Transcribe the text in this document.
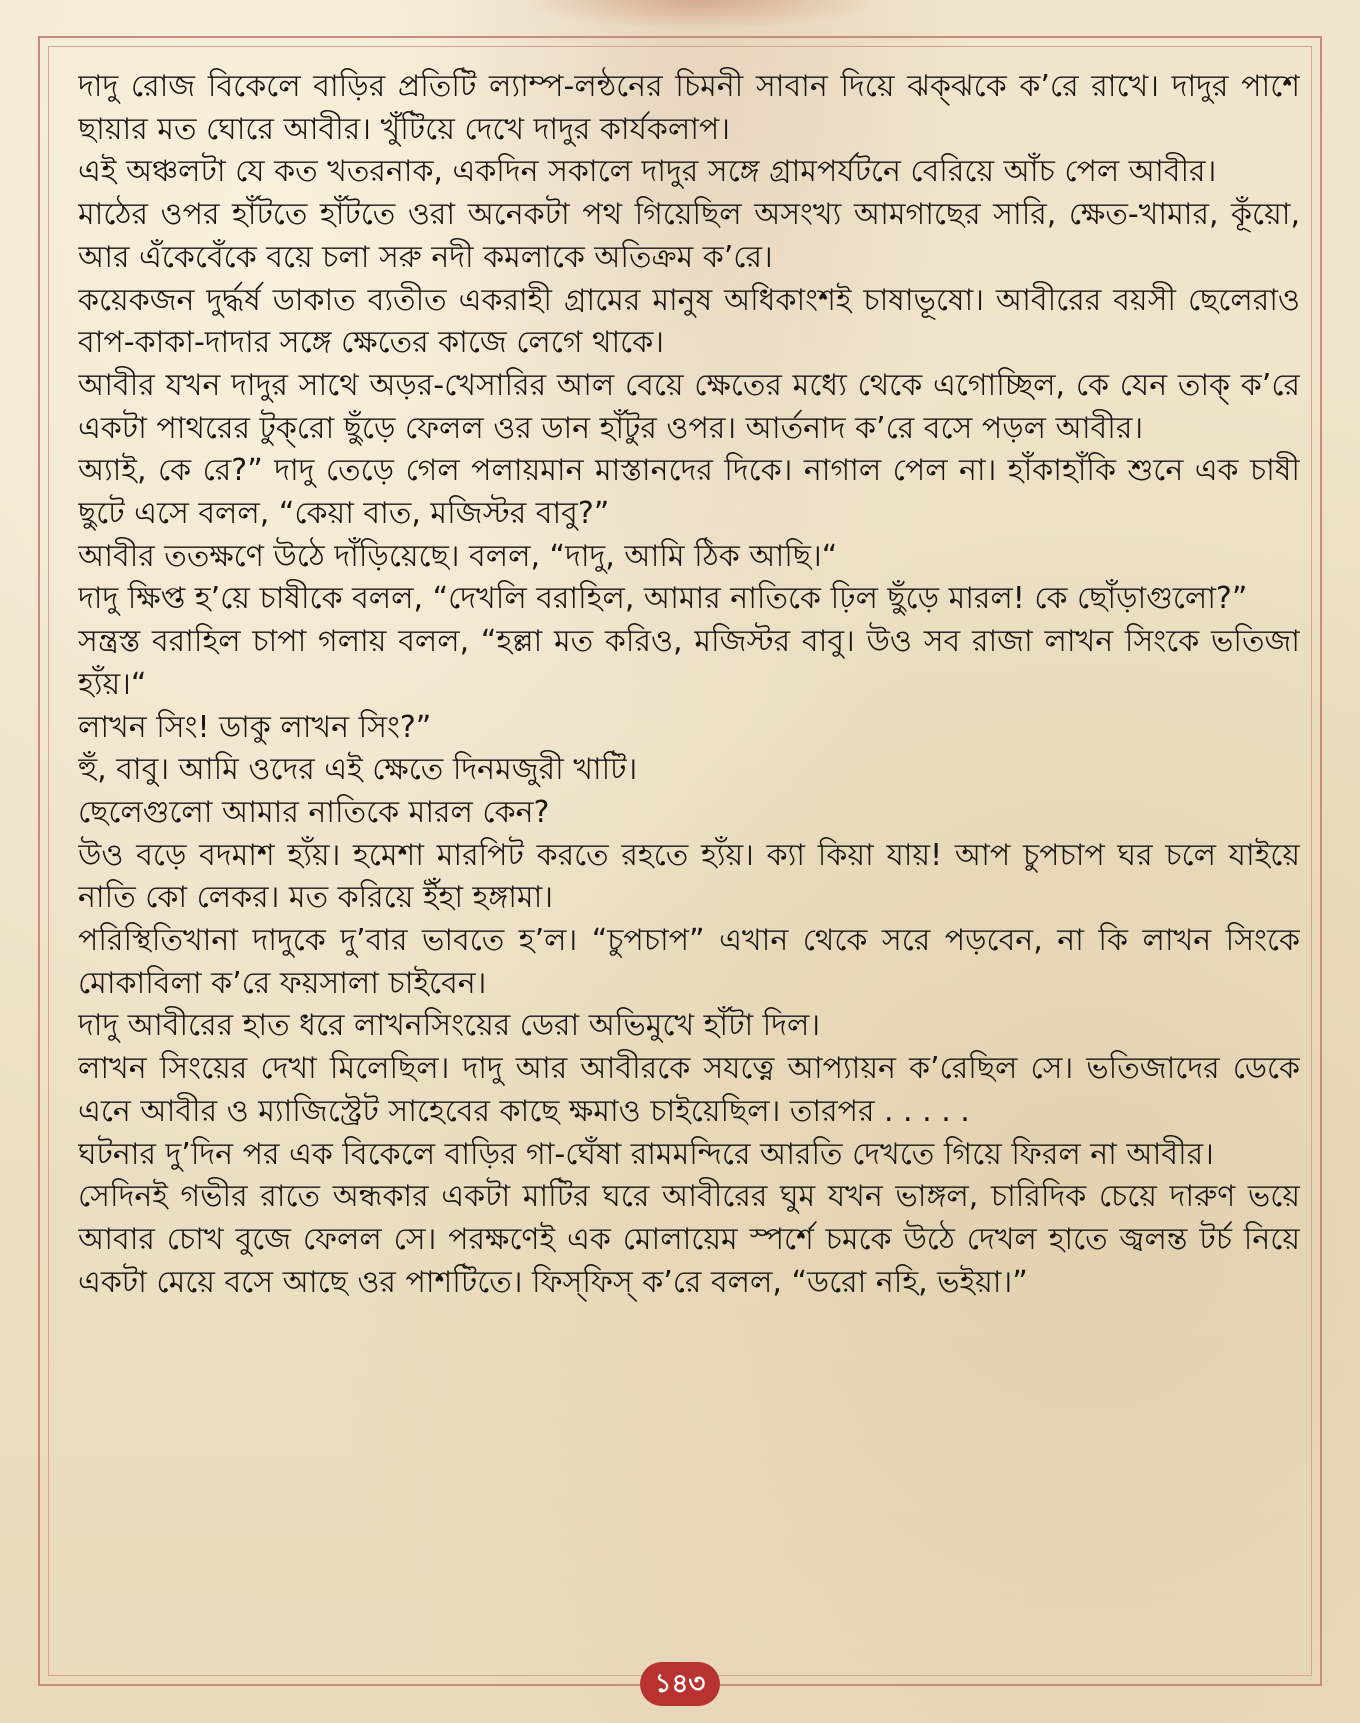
দাদু রোজ বিকেলে বাড়ির প্রতিটি ল্যাম্প-লন্ঠনের চিমনী সাবান দিয়ে ঝক্‌ঝকে ক’রে রাখে। দাদুর পাশে ছায়ার মত ঘোরে আবীর। খুঁটিয়ে দেখে দাদুর কার্যকলাপ।

এই অঞ্চলটা যে কত খতরনাক, একদিন সকালে দাদুর সঙ্গে গ্রামপর্যটনে বেরিয়ে আঁচ পেল আবীর।

মাঠের ওপর হাঁটতে হাঁটতে ওরা অনেকটা পথ গিয়েছিল অসংখ্য আমগাছের সারি, ক্ষেত-খামার, কূঁয়ো, আর এঁকেবেঁকে বয়ে চলা সরু নদী কমলাকে অতিক্রম ক’রে।

কয়েকজন দুর্দ্ধর্ষ ডাকাত ব্যতীত একরাহী গ্রামের মানুষ অধিকাংশই চাষাভূষো। আবীরের বয়সী ছেলেরাও বাপ-কাকা-দাদার সঙ্গে ক্ষেতের কাজে লেগে থাকে।

আবীর যখন দাদুর সাথে অড়র-খেসারির আল বেয়ে ক্ষেতের মধ্যে থেকে এগোচ্ছিল, কে যেন তাক্‌ ক’রে একটা পাথরের টুক্‌রো ছুঁড়ে ফেলল ওর ডান হাঁটুর ওপর। আর্তনাদ ক’রে বসে পড়ল আবীর।

অ্যাই, কে রে?” দাদু তেড়ে গেল পলায়মান মাস্তানদের দিকে। নাগাল পেল না। হাঁকাহাঁকি শুনে এক চাষী ছুটে এসে বলল, “কেয়া বাত, মজিস্টর বাবু?”

আবীর ততক্ষণে উঠে দাঁড়িয়েছে। বলল, “দাদু, আমি ঠিক আছি।“

দাদু ক্ষিপ্ত হ’য়ে চাষীকে বলল, “দেখলি বরাহিল, আমার নাতিকে ঢ়িল ছুঁড়ে মারল! কে ছোঁড়াগুলো?”

সন্ত্রস্ত বরাহিল চাপা গলায় বলল, “হল্লা মত করিও, মজিস্টর বাবু। উও সব রাজা লাখন সিংকে ভতিজা হ্যঁয়।“

লাখন সিং! ডাকু লাখন সিং?”

হুঁ, বাবু। আমি ওদের এই ক্ষেতে দিনমজুরী খাটি।

ছেলেগুলো আমার নাতিকে মারল কেন?

উও বড়ে বদমাশ হ্যঁয়। হমেশা মারপিট করতে রহতে হ্যঁয়। ক্যা কিয়া যায়! আপ চুপচাপ ঘর চলে যাইয়ে নাতি কো লেকর। মত করিয়ে ইঁহা হঙ্গামা।

পরিস্থিতিখানা দাদুকে দু’বার ভাবতে হ’ল। “চুপচাপ” এখান থেকে সরে পড়বেন, না কি লাখন সিংকে মোকাবিলা ক’রে ফয়সালা চাইবেন।

দাদু আবীরের হাত ধরে লাখনসিংয়ের ডেরা অভিমুখে হাঁটা দিল।

লাখন সিংয়ের দেখা মিলেছিল। দাদু আর আবীরকে সযত্নে আপ্যায়ন ক’রেছিল সে। ভতিজাদের ডেকে এনে আবীর ও ম্যাজিস্ট্রেট সাহেবের কাছে ক্ষমাও চাইয়েছিল। তারপর . . . . .

ঘটনার দু’দিন পর এক বিকেলে বাড়ির গা-ঘেঁষা রামমন্দিরে আরতি দেখতে গিয়ে ফিরল না আবীর।

সেদিনই গভীর রাতে অন্ধকার একটা মাটির ঘরে আবীরের ঘুম যখন ভাঙ্গল, চারিদিক চেয়ে দারুণ ভয়ে আবার চোখ বুজে ফেলল সে। পরক্ষণেই এক মোলায়েম স্পর্শে চমকে উঠে দেখল হাতে জ্বলন্ত টর্চ নিয়ে একটা মেয়ে বসে আছে ওর পাশটিতে। ফিস্‌ফিস্‌ ক’রে বলল, “ডরো নহি, ভইয়া।”

১৪৩
